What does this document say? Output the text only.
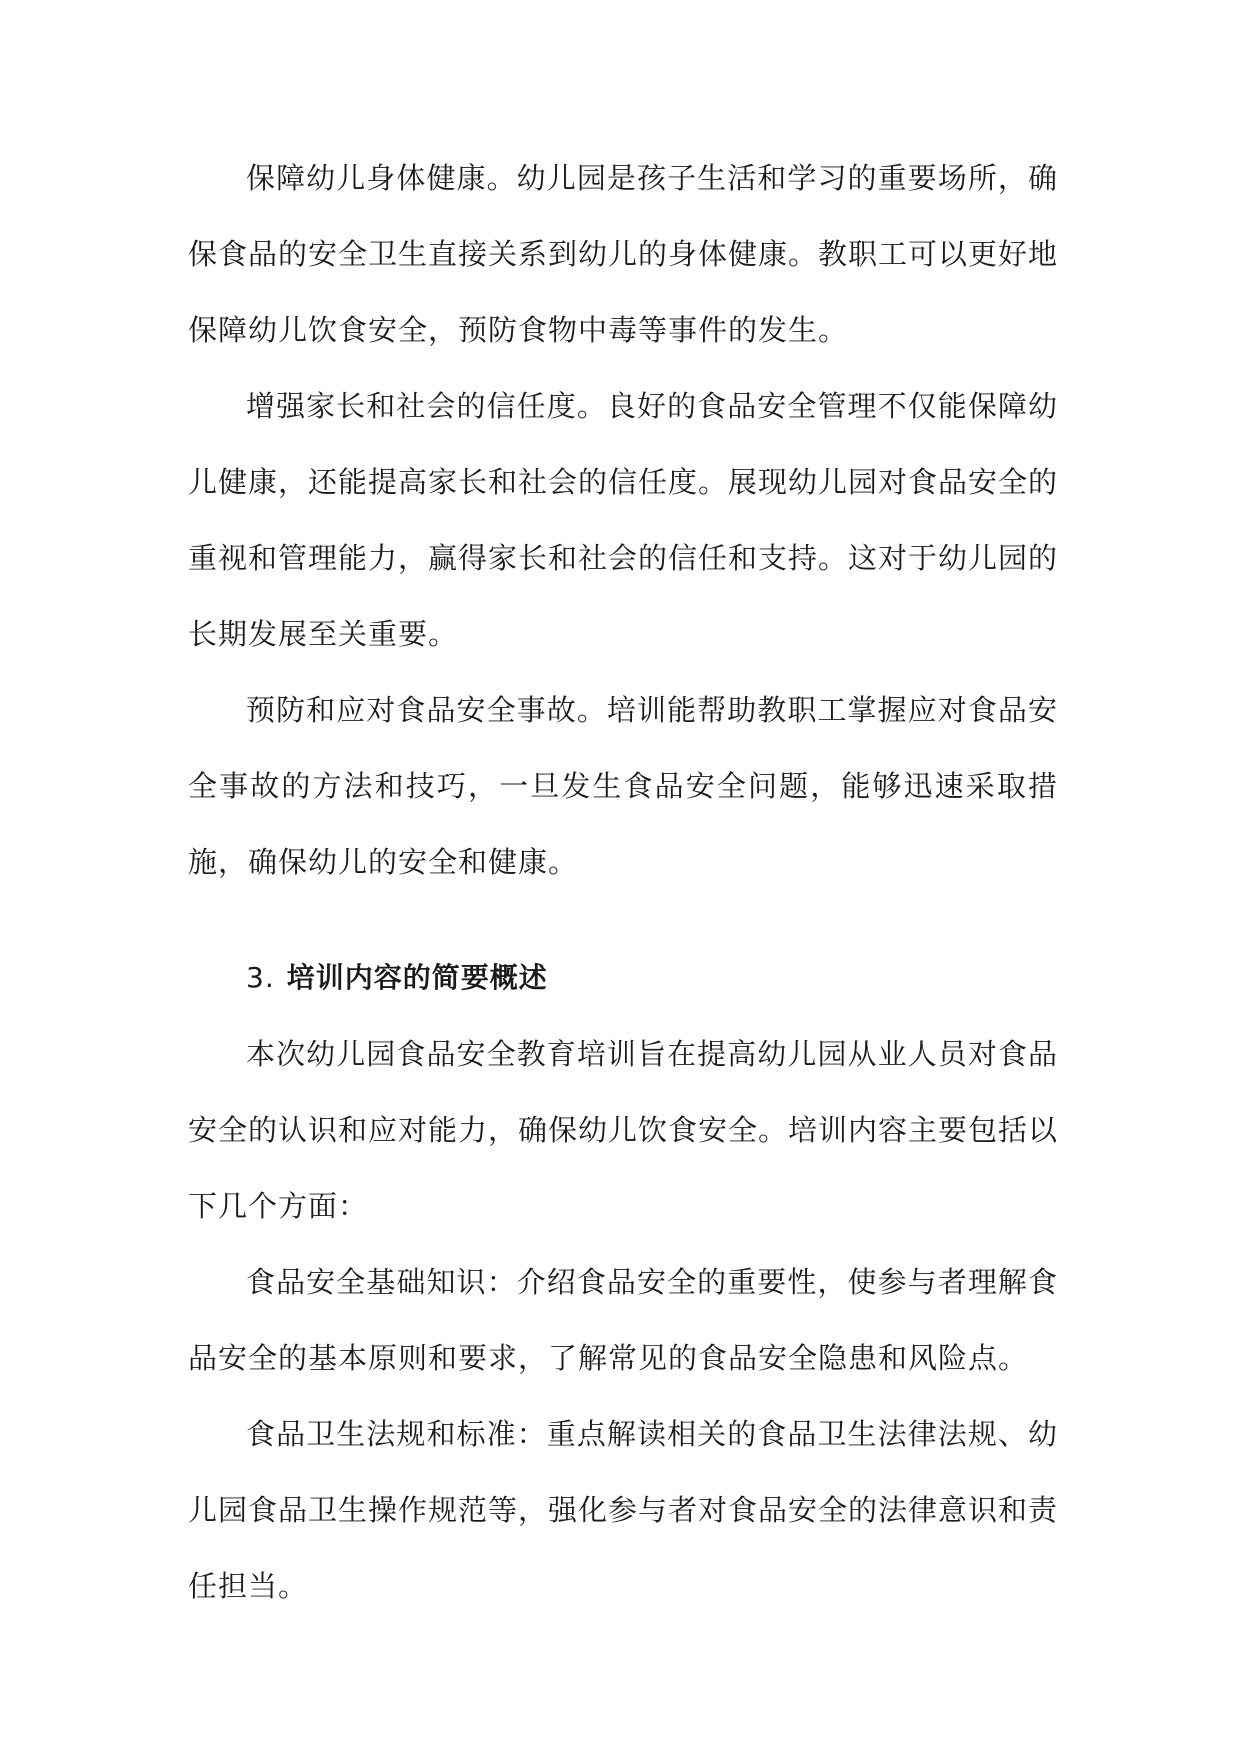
保障幼儿身体健康。幼儿园是孩子生活和学习的重要场所，确保食品的安全卫生直接关系到幼儿的身体健康。教职工可以更好地保障幼儿饮食安全，预防食物中毒等事件的发生。

增强家长和社会的信任度。良好的食品安全管理不仅能保障幼儿健康，还能提高家长和社会的信任度。展现幼儿园对食品安全的重视和管理能力，赢得家长和社会的信任和支持。这对于幼儿园的长期发展至关重要。

预防和应对食品安全事故。培训能帮助教职工掌握应对食品安全事故的方法和技巧，一旦发生食品安全问题，能够迅速采取措施，确保幼儿的安全和健康。

3. 培训内容的简要概述

本次幼儿园食品安全教育培训旨在提高幼儿园从业人员对食品安全的认识和应对能力，确保幼儿饮食安全。培训内容主要包括以下几个方面：

食品安全基础知识：介绍食品安全的重要性，使参与者理解食品安全的基本原则和要求，了解常见的食品安全隐患和风险点。

食品卫生法规和标准：重点解读相关的食品卫生法律法规、幼儿园食品卫生操作规范等，强化参与者对食品安全的法律意识和责任担当。
